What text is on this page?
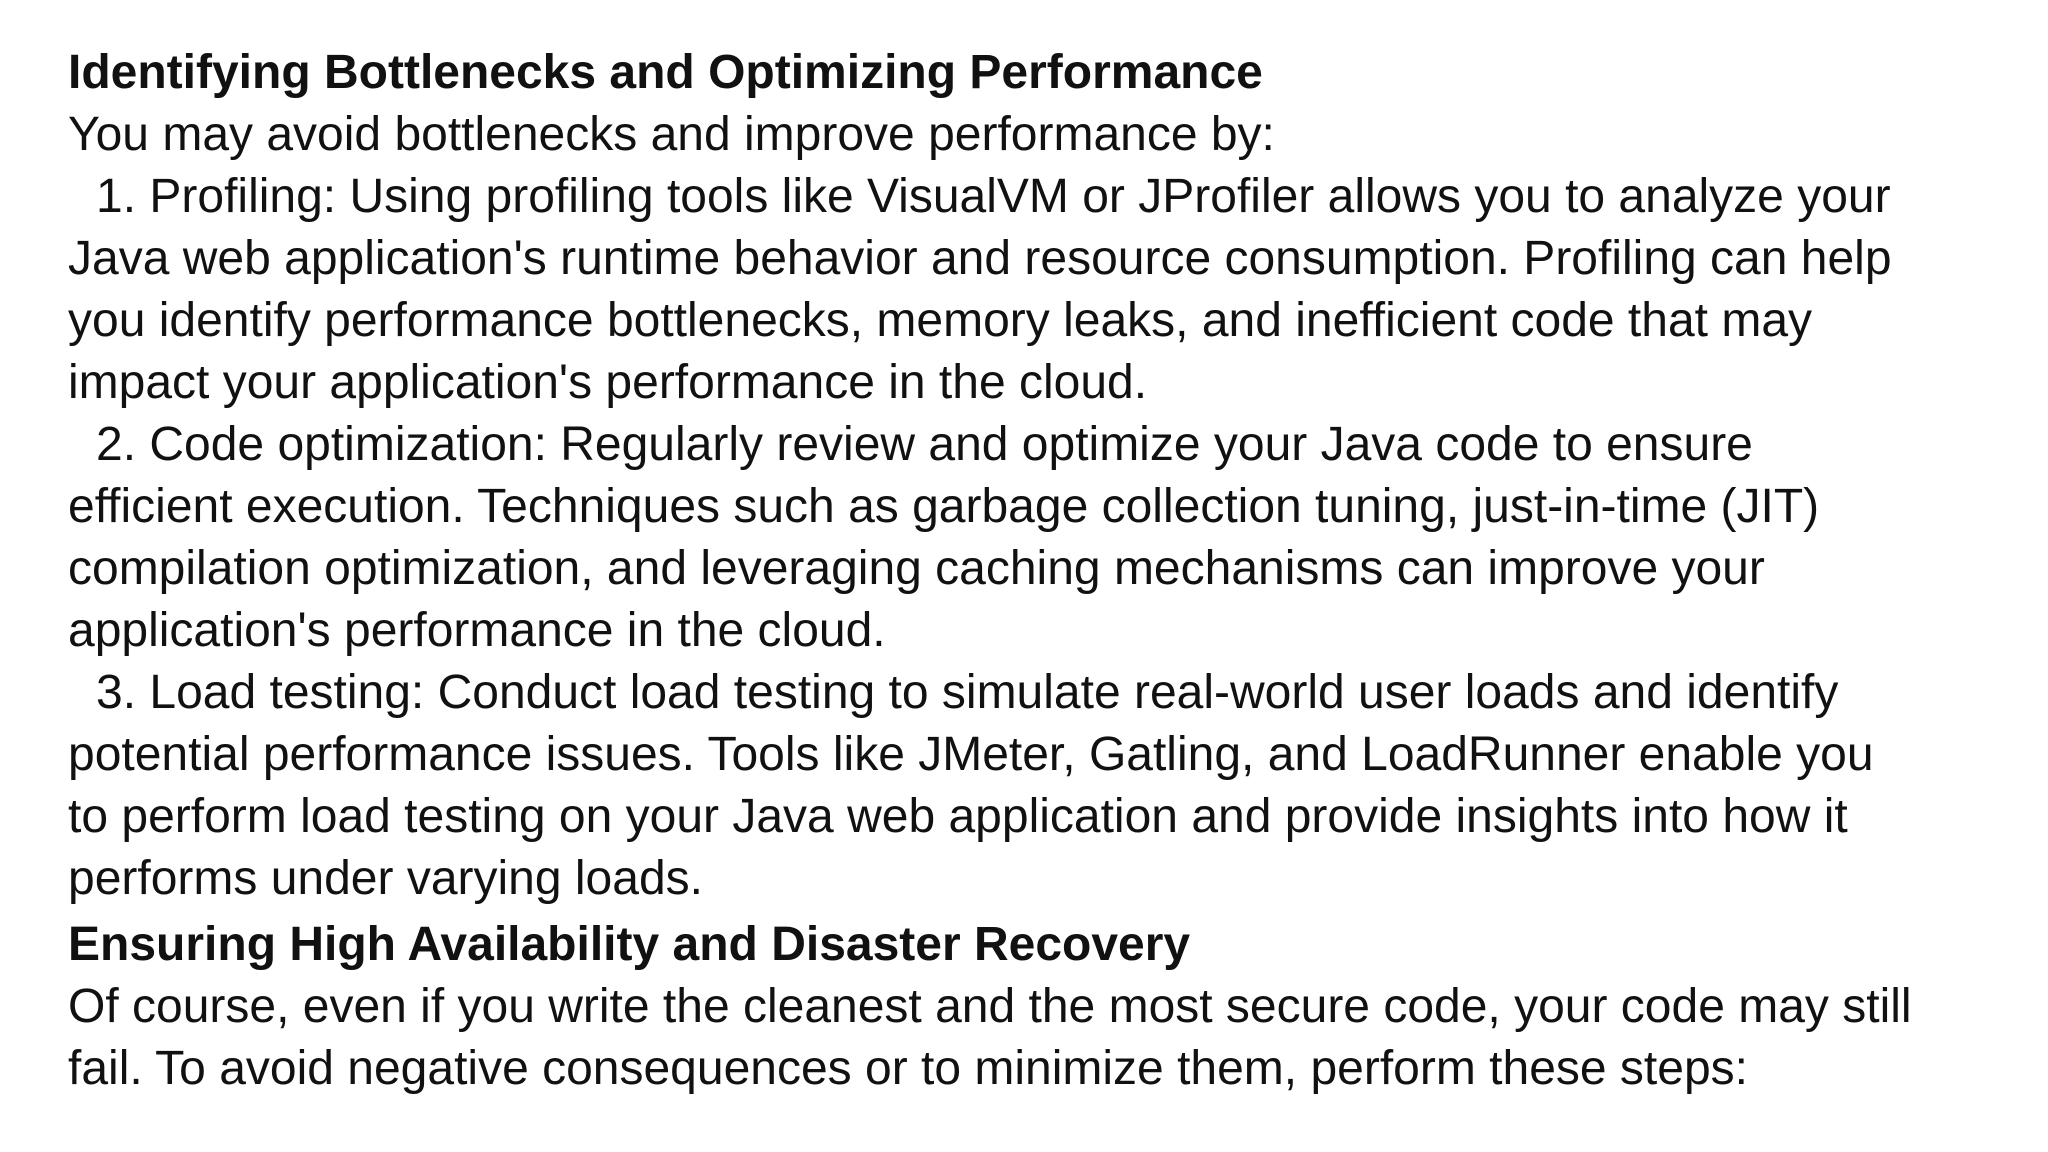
Identifying Bottlenecks and Optimizing Performance

You may avoid bottlenecks and improve performance by:

1. Profiling: Using profiling tools like VisualVM or JProfiler allows you to analyze your

Java web application's runtime behavior and resource consumption. Profiling can help

you identify performance bottlenecks, memory leaks, and inefficient code that may

impact your application's performance in the cloud.

2. Code optimization: Regularly review and optimize your Java code to ensure

efficient execution. Techniques such as garbage collection tuning, just-in-time (JIT)

compilation optimization, and leveraging caching mechanisms can improve your

application's performance in the cloud.

3. Load testing: Conduct load testing to simulate real-world user loads and identify

potential performance issues. Tools like JMeter, Gatling, and LoadRunner enable you

to perform load testing on your Java web application and provide insights into how it

performs under varying loads.

Ensuring High Availability and Disaster Recovery

Of course, even if you write the cleanest and the most secure code, your code may still

fail. To avoid negative consequences or to minimize them, perform these steps:
